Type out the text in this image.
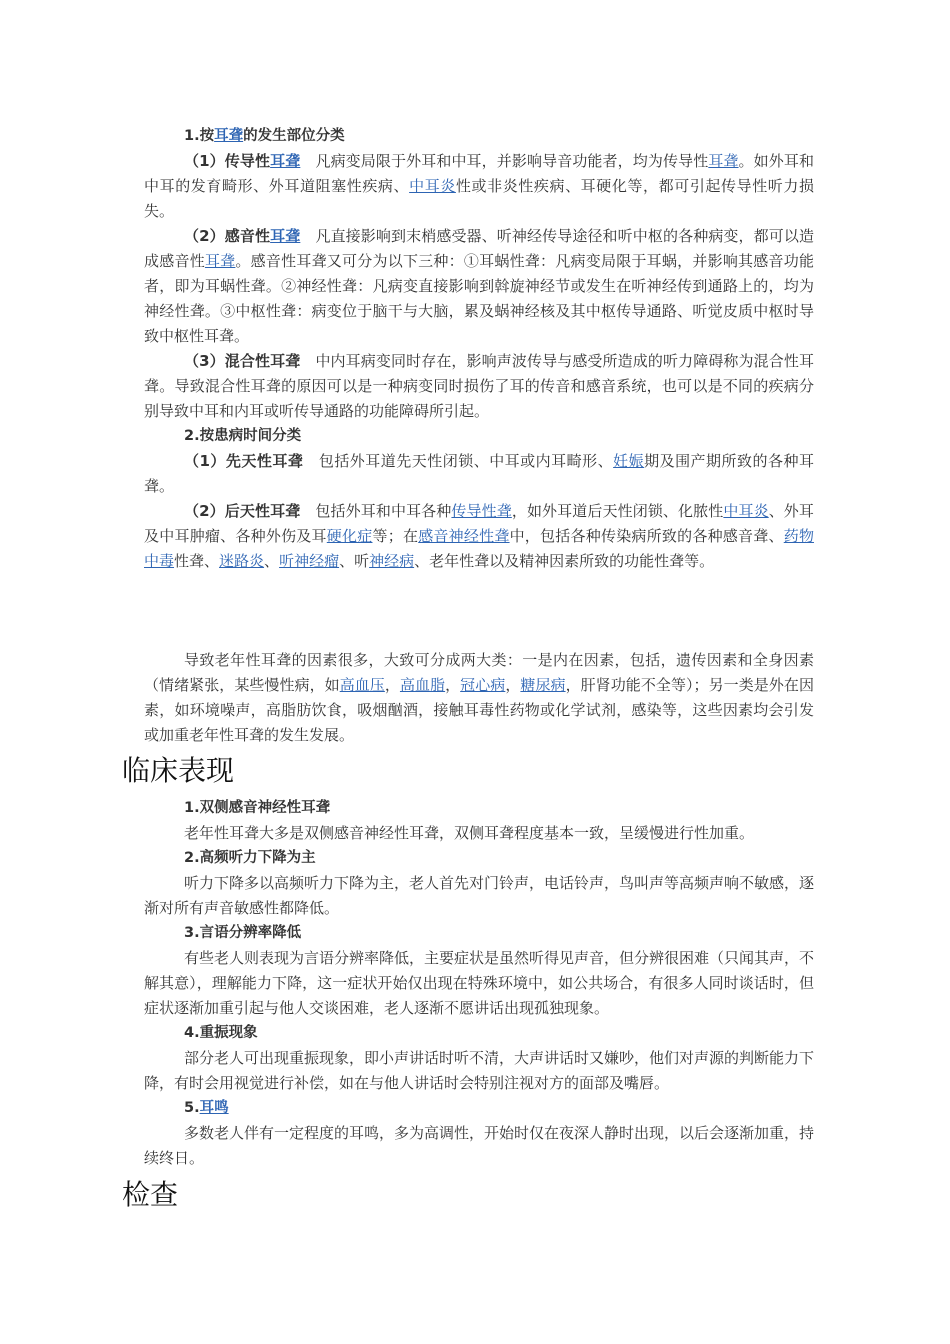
1.按耳聋的发生部位分类

（1）传导性耳聋　凡病变局限于外耳和中耳，并影响导音功能者，均为传导性耳聋。如外耳和中耳的发育畸形、外耳道阻塞性疾病、中耳炎性或非炎性疾病、耳硬化等，都可引起传导性听力损失。

（2）感音性耳聋　凡直接影响到末梢感受器、听神经传导途径和听中枢的各种病变，都可以造成感音性耳聋。感音性耳聋又可分为以下三种：①耳蜗性聋：凡病变局限于耳蜗，并影响其感音功能者，即为耳蜗性聋。②神经性聋：凡病变直接影响到斡旋神经节或发生在听神经传到通路上的，均为神经性聋。③中枢性聋：病变位于脑干与大脑，累及蜗神经核及其中枢传导通路、听觉皮质中枢时导致中枢性耳聋。

（3）混合性耳聋　中内耳病变同时存在，影响声波传导与感受所造成的听力障碍称为混合性耳聋。导致混合性耳聋的原因可以是一种病变同时损伤了耳的传音和感音系统，也可以是不同的疾病分别导致中耳和内耳或听传导通路的功能障碍所引起。

2.按患病时间分类

（1）先天性耳聋　包括外耳道先天性闭锁、中耳或内耳畸形、妊娠期及围产期所致的各种耳聋。

（2）后天性耳聋　包括外耳和中耳各种传导性聋，如外耳道后天性闭锁、化脓性中耳炎、外耳及中耳肿瘤、各种外伤及耳硬化症等；在感音神经性聋中，包括各种传染病所致的各种感音聋、药物中毒性聋、迷路炎、听神经瘤、听神经病、老年性聋以及精神因素所致的功能性聋等。

导致老年性耳聋的因素很多，大致可分成两大类：一是内在因素，包括，遗传因素和全身因素（情绪紧张，某些慢性病，如高血压，高血脂，冠心病，糖尿病，肝肾功能不全等）；另一类是外在因素，如环境噪声，高脂肪饮食，吸烟酗酒，接触耳毒性药物或化学试剂，感染等，这些因素均会引发或加重老年性耳聋的发生发展。

临床表现

1.双侧感音神经性耳聋

老年性耳聋大多是双侧感音神经性耳聋，双侧耳聋程度基本一致，呈缓慢进行性加重。

2.高频听力下降为主

听力下降多以高频听力下降为主，老人首先对门铃声，电话铃声，鸟叫声等高频声响不敏感，逐渐对所有声音敏感性都降低。

3.言语分辨率降低

有些老人则表现为言语分辨率降低，主要症状是虽然听得见声音，但分辨很困难（只闻其声，不解其意），理解能力下降，这一症状开始仅出现在特殊环境中，如公共场合，有很多人同时谈话时，但症状逐渐加重引起与他人交谈困难，老人逐渐不愿讲话出现孤独现象。

4.重振现象

部分老人可出现重振现象，即小声讲话时听不清，大声讲话时又嫌吵，他们对声源的判断能力下降，有时会用视觉进行补偿，如在与他人讲话时会特别注视对方的面部及嘴唇。

5.耳鸣

多数老人伴有一定程度的耳鸣，多为高调性，开始时仅在夜深人静时出现，以后会逐渐加重，持续终日。

检查
